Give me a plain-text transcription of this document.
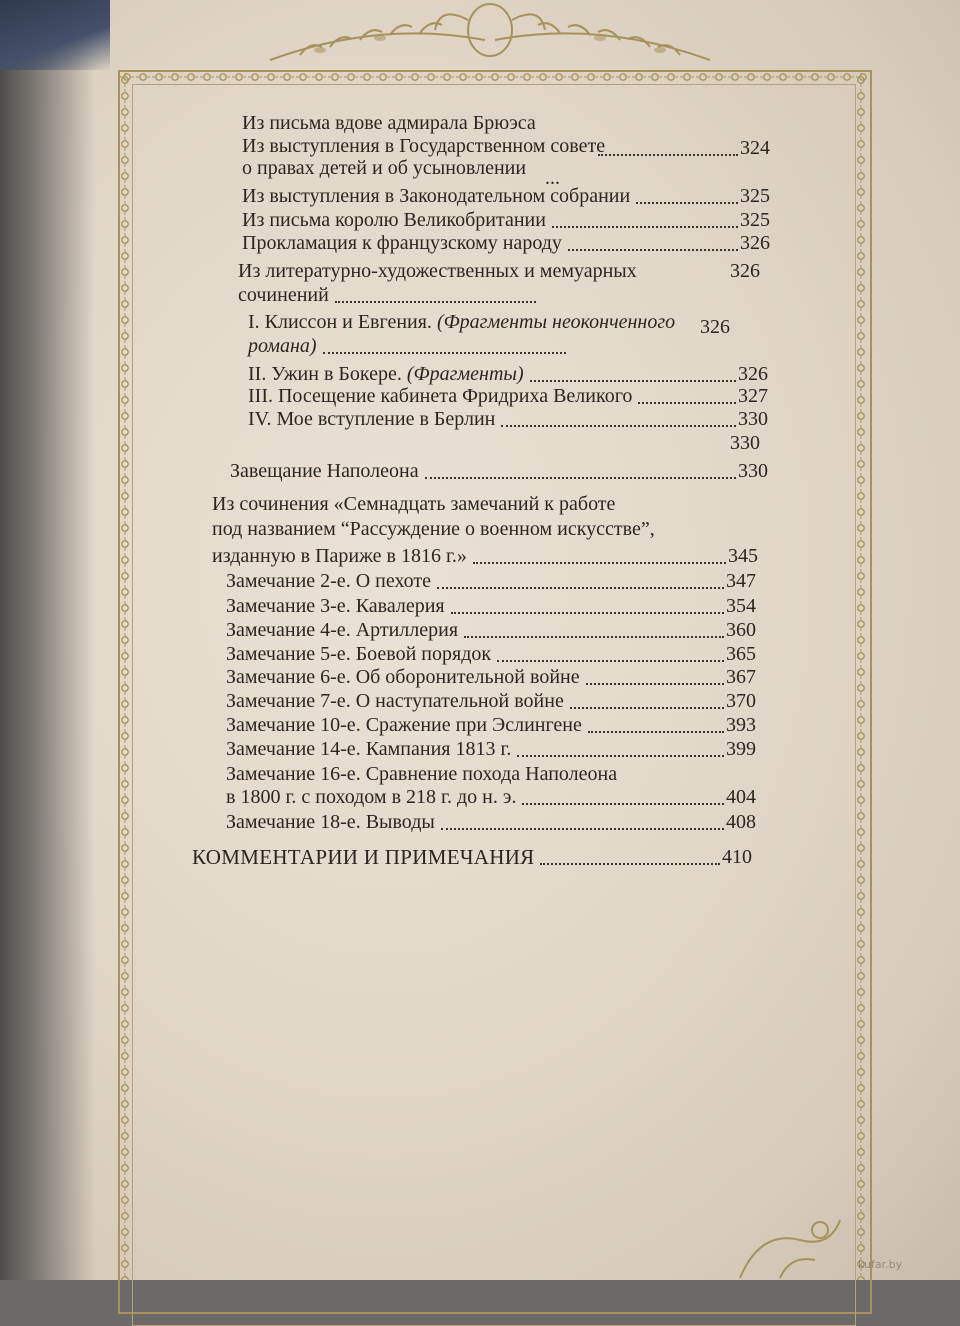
Из письма вдове адмирала Брюэса
Из выступления в Государственном совете	324
о правах детей и об усыновлении ...
Из выступления в Законодательном собрании	325
Из письма королю Великобритании	325
Прокламация к французскому народу	326
Из литературно-художественных и мемуарных	326
сочинений
I. Клиссон и Евгения. (Фрагменты неоконченного 326
романа)
II. Ужин в Бокере. (Фрагменты)	326
III. Посещение кабинета Фридриха Великого	327
IV. Мое вступление в Берлин	330
330
Завещание Наполеона	330
Из сочинения «Семнадцать замечаний к работе
под названием “Рассуждение о военном искусстве”,
изданную в Париже в 1816 г.»	345
Замечание 2-е. О пехоте	347
Замечание 3-е. Кавалерия	354
Замечание 4-е. Артиллерия	360
Замечание 5-е. Боевой порядок	365
Замечание 6-е. Об оборонительной войне	367
Замечание 7-е. О наступательной войне	370
Замечание 10-е. Сражение при Эслингене	393
Замечание 14-е. Кампания 1813 г.	399
Замечание 16-е. Сравнение похода Наполеона
в 1800 г. с походом в 218 г. до н. э.	404
Замечание 18-е. Выводы	408
КОММЕНТАРИИ И ПРИМЕЧАНИЯ	410
kufar.by
